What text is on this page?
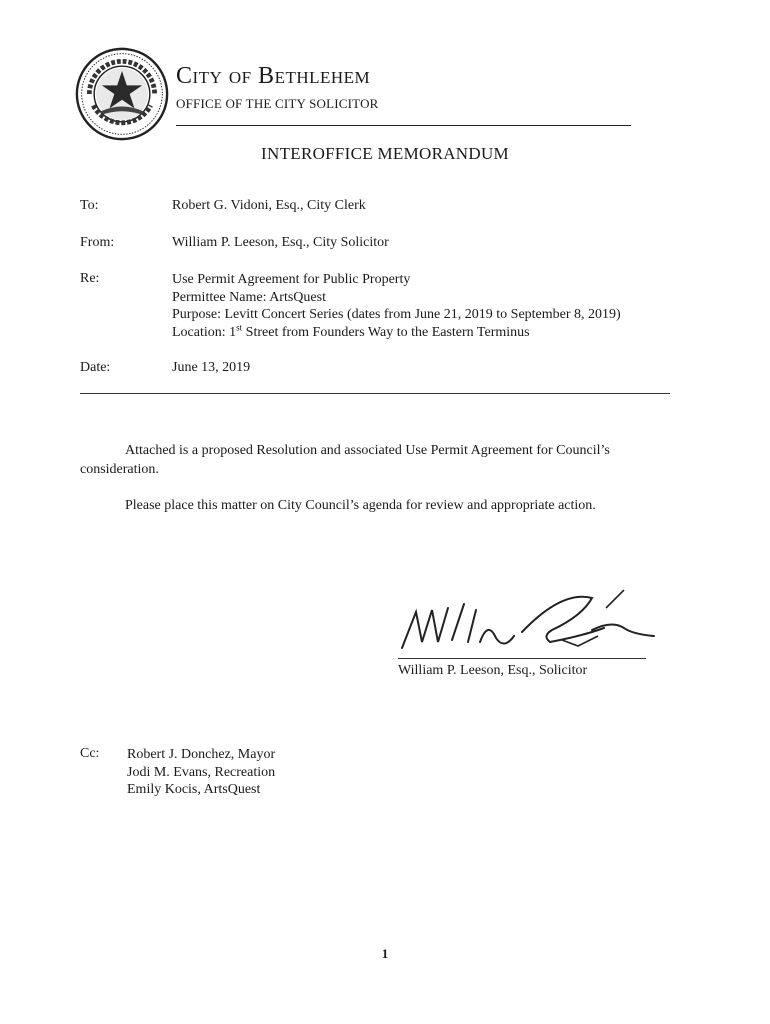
City of Bethlehem
OFFICE OF THE CITY SOLICITOR
INTEROFFICE MEMORANDUM
To:	Robert G. Vidoni, Esq., City Clerk
From:	William P. Leeson, Esq., City Solicitor
Re:	Use Permit Agreement for Public Property
Permittee Name: ArtsQuest
Purpose: Levitt Concert Series (dates from June 21, 2019 to September 8, 2019)
Location: 1st Street from Founders Way to the Eastern Terminus
Date:	June 13, 2019
Attached is a proposed Resolution and associated Use Permit Agreement for Council’s consideration.
Please place this matter on City Council’s agenda for review and appropriate action.
William P. Leeson, Esq., Solicitor
Cc: Robert J. Donchez, Mayor
Jodi M. Evans, Recreation
Emily Kocis, ArtsQuest
1
